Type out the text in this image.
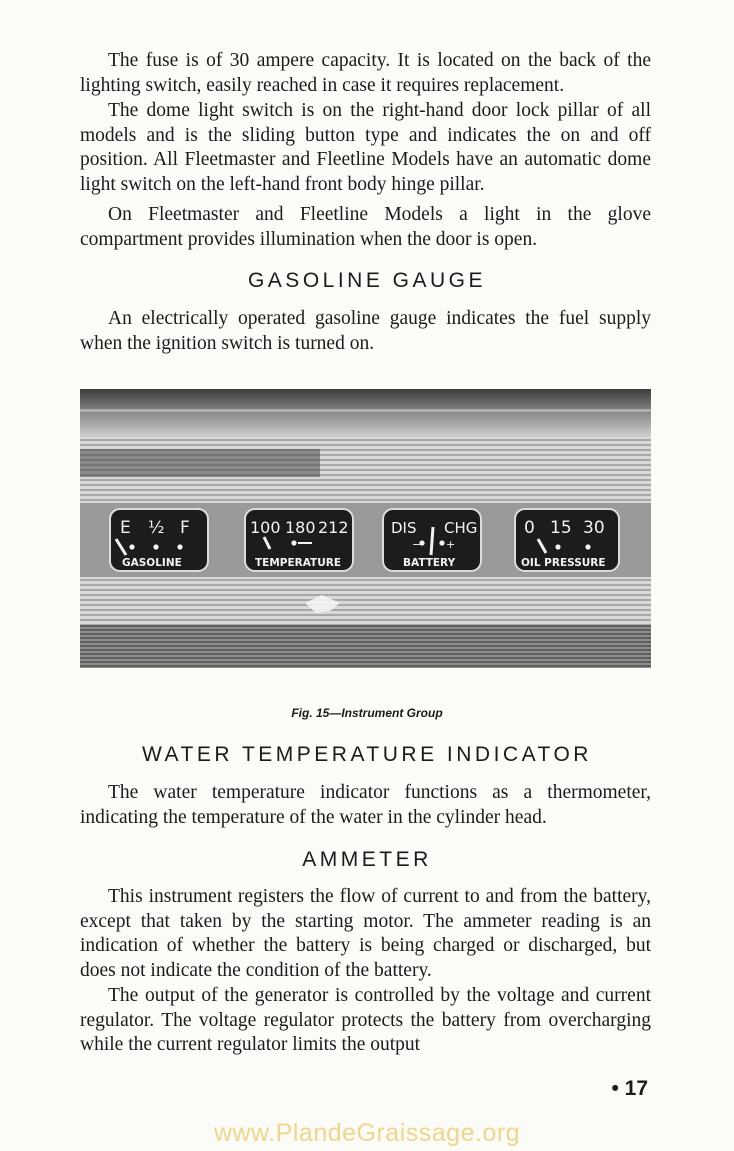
The fuse is of 30 ampere capacity. It is located on the back of the lighting switch, easily reached in case it requires replacement.

The dome light switch is on the right-hand door lock pillar of all models and is the sliding button type and indicates the on and off position. All Fleetmaster and Fleetline Models have an automatic dome light switch on the left-hand front body hinge pillar.

On Fleetmaster and Fleetline Models a light in the glove compartment provides illumination when the door is open.

GASOLINE GAUGE

An electrically operated gasoline gauge indicates the fuel supply when the ignition switch is turned on.

E ½ F
GASOLINE
100 180 212
TEMPERATURE
DIS CHG
− +
BATTERY
0 15 30
OIL PRESSURE

Fig. 15—Instrument Group

WATER TEMPERATURE INDICATOR

The water temperature indicator functions as a thermometer, indicating the temperature of the water in the cylinder head.

AMMETER

This instrument registers the flow of current to and from the battery, except that taken by the starting motor. The ammeter reading is an indication of whether the battery is being charged or discharged, but does not indicate the condition of the battery.

The output of the generator is controlled by the voltage and current regulator. The voltage regulator protects the battery from overcharging while the current regulator limits the output

• 17
www.PlandeGraissage.org
